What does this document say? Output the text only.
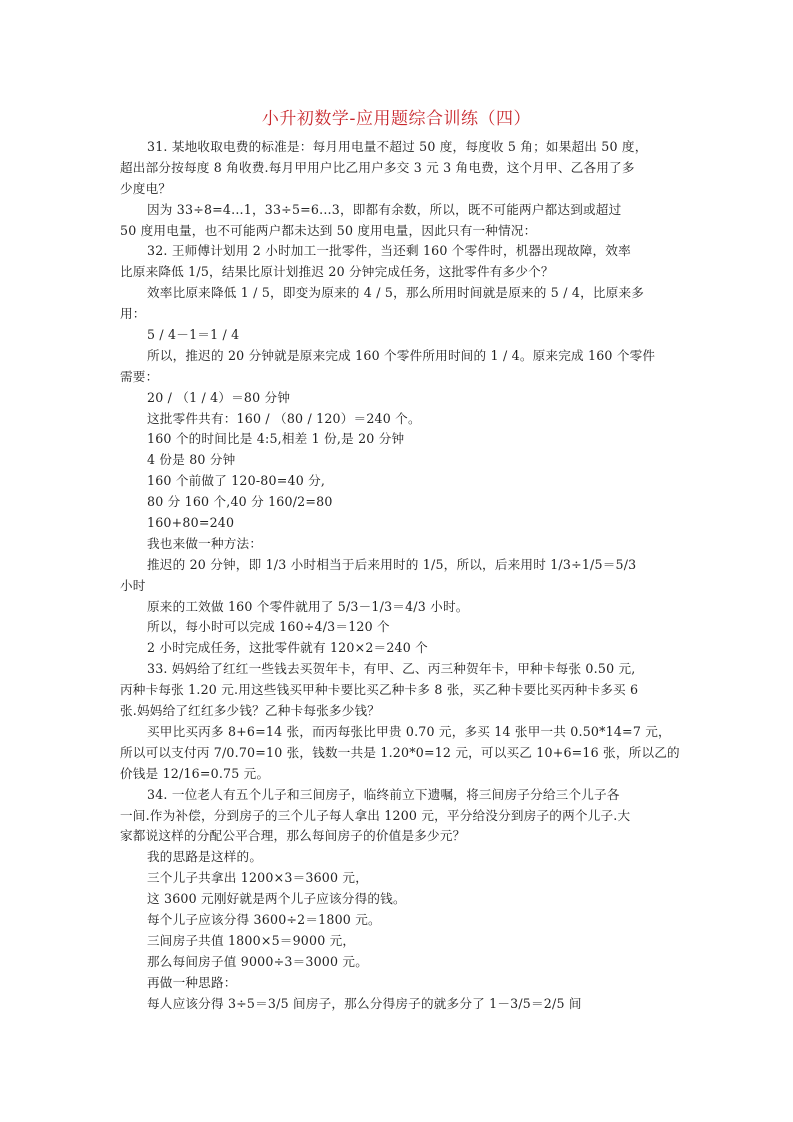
小升初数学-应用题综合训练（四）
31. 某地收取电费的标准是：每月用电量不超过 50 度，每度收 5 角；如果超出 50 度，
超出部分按每度 8 角收费.每月甲用户比乙用户多交 3 元 3 角电费，这个月甲、乙各用了多
少度电？
因为 33÷8=4...1，33÷5=6...3，即都有余数，所以，既不可能两户都达到或超过
50 度用电量，也不可能两户都未达到 50 度用电量，因此只有一种情况：
32. 王师傅计划用 2 小时加工一批零件，当还剩 160 个零件时，机器出现故障，效率
比原来降低 1/5，结果比原计划推迟 20 分钟完成任务，这批零件有多少个？
效率比原来降低 1 / 5，即变为原来的 4 / 5，那么所用时间就是原来的 5 / 4，比原来多
用：
5 / 4－1＝1 / 4
所以，推迟的 20 分钟就是原来完成 160 个零件所用时间的 1 / 4。原来完成 160 个零件
需要：
20 / （1 / 4）＝80 分钟
这批零件共有：160 / （80 / 120）＝240 个。
160 个的时间比是 4:5,相差 1 份,是 20 分钟
4 份是 80 分钟
160 个前做了 120-80=40 分,
80 分 160 个,40 分 160/2=80
160+80=240
我也来做一种方法：
推迟的 20 分钟，即 1/3 小时相当于后来用时的 1/5，所以，后来用时 1/3÷1/5＝5/3
小时
原来的工效做 160 个零件就用了 5/3－1/3＝4/3 小时。
所以，每小时可以完成 160÷4/3＝120 个
2 小时完成任务，这批零件就有 120×2＝240 个
33. 妈妈给了红红一些钱去买贺年卡，有甲、乙、丙三种贺年卡，甲种卡每张 0.50 元,
丙种卡每张 1.20 元.用这些钱买甲种卡要比买乙种卡多 8 张，买乙种卡要比买丙种卡多买 6
张.妈妈给了红红多少钱？乙种卡每张多少钱？
买甲比买丙多 8+6=14 张，而丙每张比甲贵 0.70 元，多买 14 张甲一共 0.50*14=7 元，
所以可以支付丙 7/0.70=10 张，钱数一共是 1.20*0=12 元，可以买乙 10+6=16 张，所以乙的
价钱是 12/16=0.75 元。
34. 一位老人有五个儿子和三间房子，临终前立下遗嘱，将三间房子分给三个儿子各
一间.作为补偿，分到房子的三个儿子每人拿出 1200 元，平分给没分到房子的两个儿子.大
家都说这样的分配公平合理，那么每间房子的价值是多少元？
我的思路是这样的。
三个儿子共拿出 1200×3＝3600 元，
这 3600 元刚好就是两个儿子应该分得的钱。
每个儿子应该分得 3600÷2＝1800 元。
三间房子共值 1800×5＝9000 元，
那么每间房子值 9000÷3＝3000 元。
再做一种思路：
每人应该分得 3÷5＝3/5 间房子，那么分得房子的就多分了 1－3/5＝2/5 间
